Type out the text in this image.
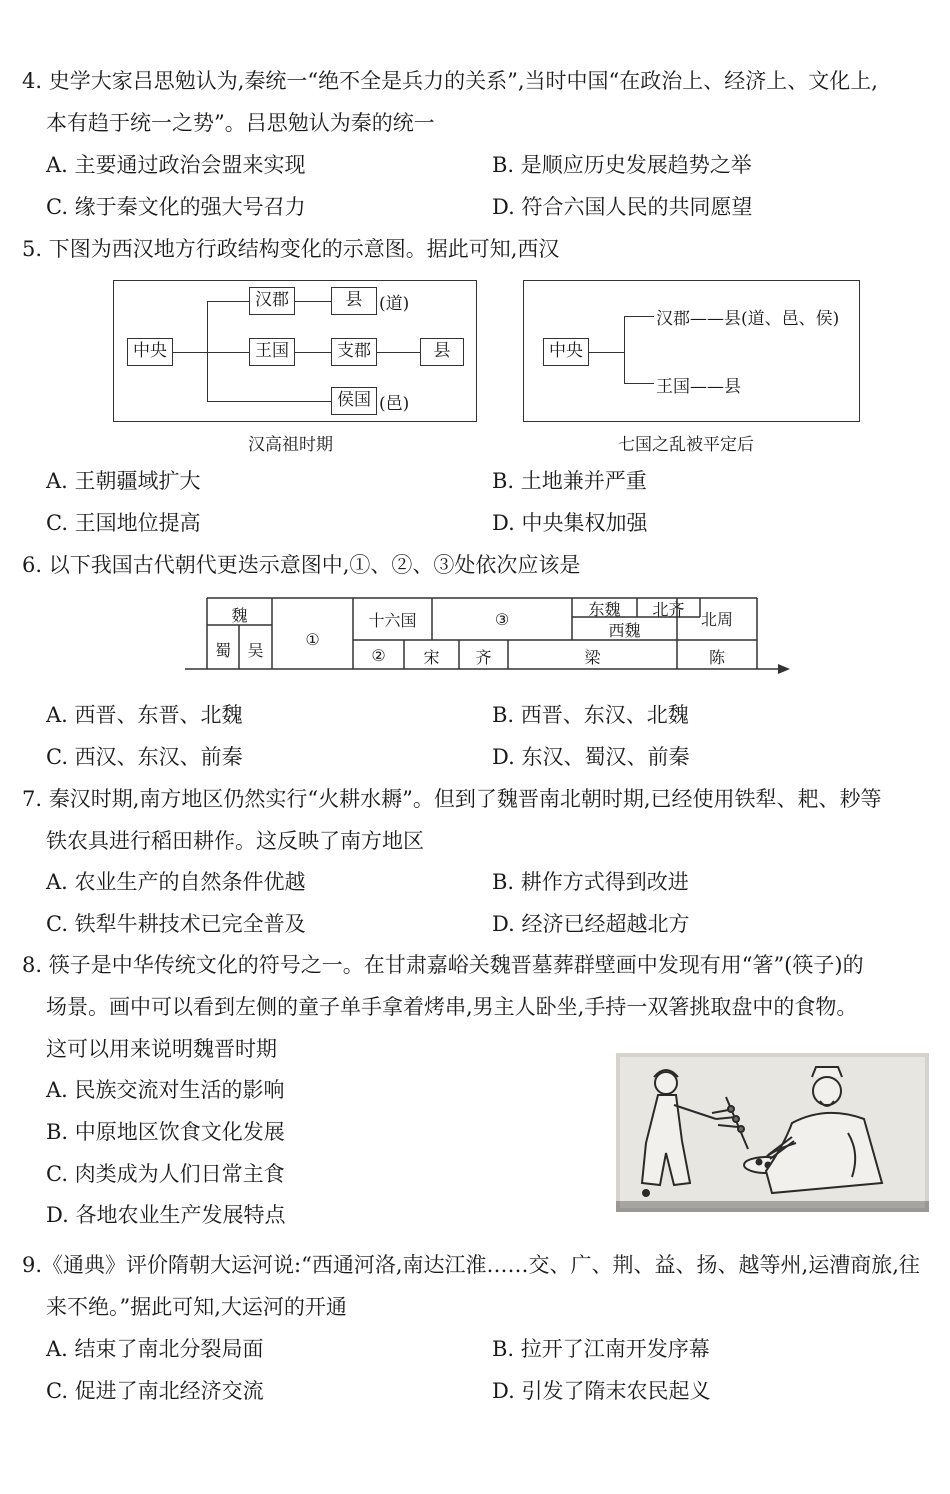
4. 史学大家吕思勉认为,秦统一“绝不全是兵力的关系”,当时中国“在政治上、经济上、文化上,
本有趋于统一之势”。吕思勉认为秦的统一
A. 主要通过政治会盟来实现	B. 是顺应历史发展趋势之举
C. 缘于秦文化的强大号召力	D. 符合六国人民的共同愿望
5. 下图为西汉地方行政结构变化的示意图。据此可知,西汉
中央
汉郡	县 (道)
王国	支郡	县
侯国 (邑)
汉高祖时期
中央
汉郡——县(道、邑、侯)
王国——县
七国之乱被平定后
A. 王朝疆域扩大	B. 土地兼并严重
C. 王国地位提高	D. 中央集权加强
6. 以下我国古代朝代更迭示意图中,①、②、③处依次应该是
魏
蜀	吴
①
十六国	③
东魏	北齐
西魏
北周
②	宋	齐	梁	陈
A. 西晋、东晋、北魏	B. 西晋、东汉、北魏
C. 西汉、东汉、前秦	D. 东汉、蜀汉、前秦
7. 秦汉时期,南方地区仍然实行“火耕水耨”。但到了魏晋南北朝时期,已经使用铁犁、耙、耖等
铁农具进行稻田耕作。这反映了南方地区
A. 农业生产的自然条件优越	B. 耕作方式得到改进
C. 铁犁牛耕技术已完全普及	D. 经济已经超越北方
8. 筷子是中华传统文化的符号之一。在甘肃嘉峪关魏晋墓葬群壁画中发现有用“箸”(筷子)的
场景。画中可以看到左侧的童子单手拿着烤串,男主人卧坐,手持一双箸挑取盘中的食物。
这可以用来说明魏晋时期
A. 民族交流对生活的影响
B. 中原地区饮食文化发展
C. 肉类成为人们日常主食
D. 各地农业生产发展特点
9.《通典》评价隋朝大运河说:“西通河洛,南达江淮……交、广、荆、益、扬、越等州,运漕商旅,往
来不绝。”据此可知,大运河的开通
A. 结束了南北分裂局面	B. 拉开了江南开发序幕
C. 促进了南北经济交流	D. 引发了隋末农民起义
